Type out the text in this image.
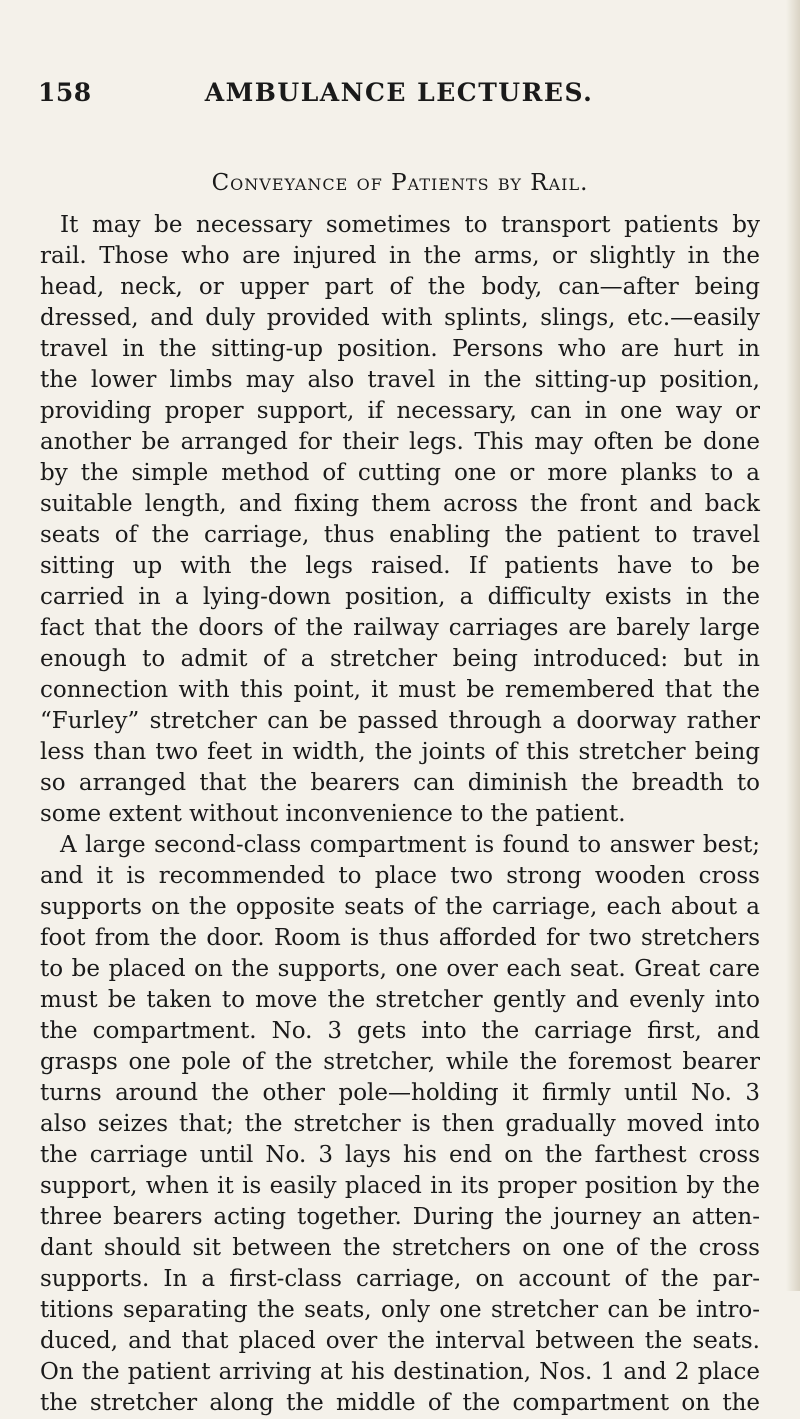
158	AMBULANCE LECTURES.
Conveyance of Patients by Rail.
It may be necessary sometimes to transport patients by
rail. Those who are injured in the arms, or slightly in the
head, neck, or upper part of the body, can—after being
dressed, and duly provided with splints, slings, etc.—easily
travel in the sitting-up position. Persons who are hurt in
the lower limbs may also travel in the sitting-up position,
providing proper support, if necessary, can in one way or
another be arranged for their legs. This may often be done
by the simple method of cutting one or more planks to a
suitable length, and fixing them across the front and back
seats of the carriage, thus enabling the patient to travel
sitting up with the legs raised. If patients have to be
carried in a lying-down position, a difficulty exists in the
fact that the doors of the railway carriages are barely large
enough to admit of a stretcher being introduced: but in
connection with this point, it must be remembered that the
“Furley” stretcher can be passed through a doorway rather
less than two feet in width, the joints of this stretcher being
so arranged that the bearers can diminish the breadth to
some extent without inconvenience to the patient.
A large second-class compartment is found to answer best;
and it is recommended to place two strong wooden cross
supports on the opposite seats of the carriage, each about a
foot from the door. Room is thus afforded for two stretchers
to be placed on the supports, one over each seat. Great care
must be taken to move the stretcher gently and evenly into
the compartment. No. 3 gets into the carriage first, and
grasps one pole of the stretcher, while the foremost bearer
turns around the other pole—holding it firmly until No. 3
also seizes that; the stretcher is then gradually moved into
the carriage until No. 3 lays his end on the farthest cross
support, when it is easily placed in its proper position by the
three bearers acting together. During the journey an atten-
dant should sit between the stretchers on one of the cross
supports. In a first-class carriage, on account of the par-
titions separating the seats, only one stretcher can be intro-
duced, and that placed over the interval between the seats.
On the patient arriving at his destination, Nos. 1 and 2 place
the stretcher along the middle of the compartment on the
